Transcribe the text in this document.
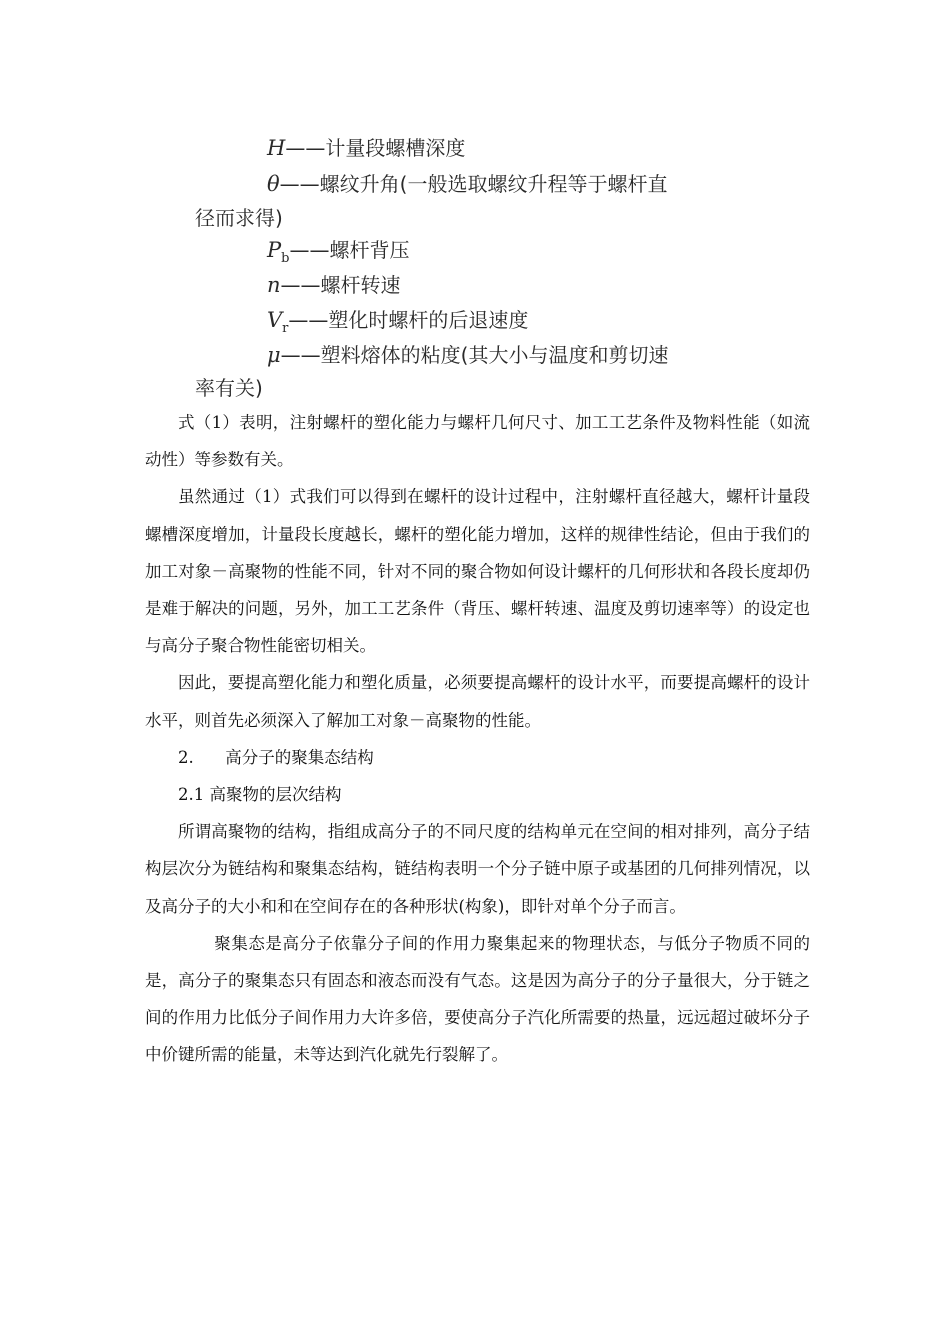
H——计量段螺槽深度
θ——螺纹升角(一般选取螺纹升程等于螺杆直
径而求得)
$P_b——$螺杆背压
n——螺杆转速
$V_r——$塑化时螺杆的后退速度
μ——塑料熔体的粘度(其大小与温度和剪切速
率有关)

式（1）表明，注射螺杆的塑化能力与螺杆几何尺寸、加工工艺条件及物料性能（如流动性）等参数有关。

虽然通过（1）式我们可以得到在螺杆的设计过程中，注射螺杆直径越大，螺杆计量段螺槽深度增加，计量段长度越长，螺杆的塑化能力增加，这样的规律性结论，但由于我们的加工对象－高聚物的性能不同，针对不同的聚合物如何设计螺杆的几何形状和各段长度却仍是难于解决的问题，另外，加工工艺条件（背压、螺杆转速、温度及剪切速率等）的设定也与高分子聚合物性能密切相关。

因此，要提高塑化能力和塑化质量，必须要提高螺杆的设计水平，而要提高螺杆的设计水平，则首先必须深入了解加工对象－高聚物的性能。

2.      高分子的聚集态结构

2.1 高聚物的层次结构

所谓高聚物的结构，指组成高分子的不同尺度的结构单元在空间的相对排列，高分子结构层次分为链结构和聚集态结构，链结构表明一个分子链中原子或基团的几何排列情况，以及高分子的大小和和在空间存在的各种形状(构象)，即针对单个分子而言。

聚集态是高分子依靠分子间的作用力聚集起来的物理状态，与低分子物质不同的是，高分子的聚集态只有固态和液态而没有气态。这是因为高分子的分子量很大，分于链之间的作用力比低分子间作用力大许多倍，要使高分子汽化所需要的热量，远远超过破坏分子中价键所需的能量，未等达到汽化就先行裂解了。
